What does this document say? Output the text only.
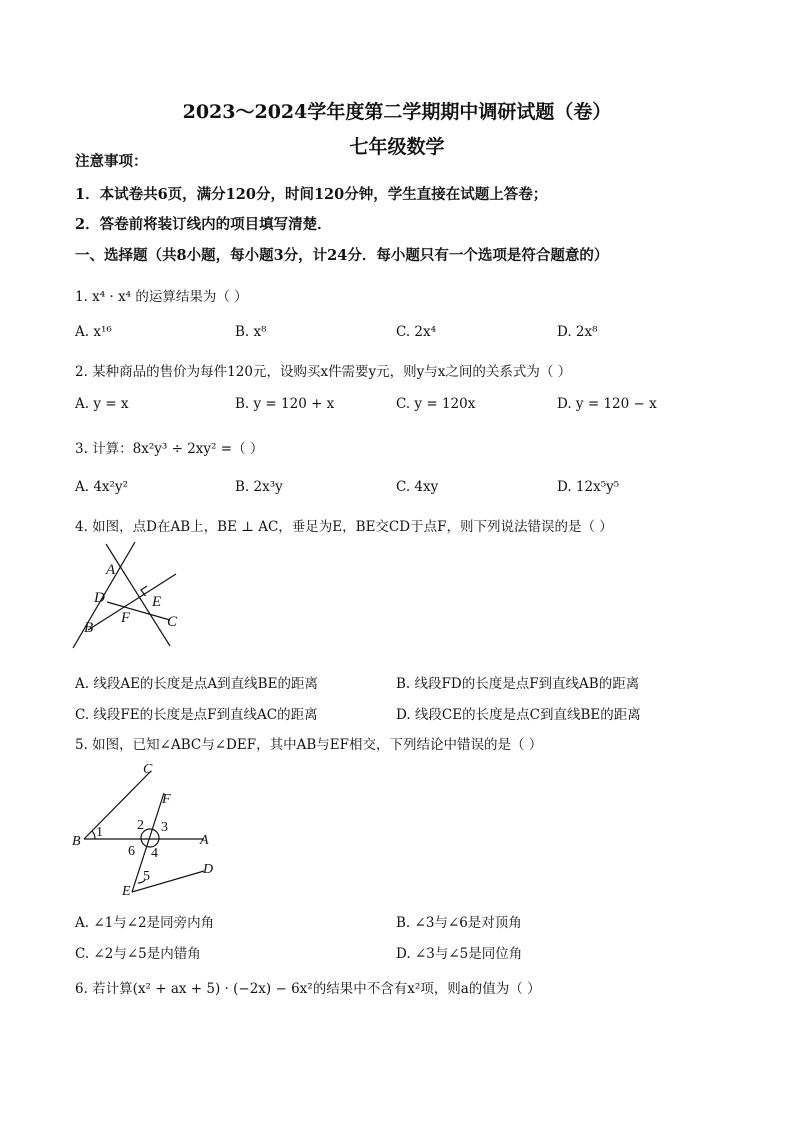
2023～2024学年度第二学期期中调研试题（卷）
七年级数学
注意事项：
1．本试卷共6页，满分120分，时间120分钟，学生直接在试题上答卷；
2．答卷前将装订线内的项目填写清楚．
一、选择题（共8小题，每小题3分，计24分．每小题只有一个选项是符合题意的）
1. x⁴ · x⁴ 的运算结果为（ ）
A. x¹⁶	B. x⁸	C. 2x⁴	D. 2x⁸
2. 某种商品的售价为每件120元，设购买x件需要y元，则y与x之间的关系式为（ ）
A. y = x	B. y = 120 + x	C. y = 120x	D. y = 120 − x
3. 计算：8x²y³ ÷ 2xy² =（ ）
A. 4x²y²	B. 2x³y	C. 4xy	D. 12x⁵y⁵
4. 如图，点D在AB上，BE ⊥ AC，垂足为E，BE交CD于点F，则下列说法错误的是（ ）
A
D	E
F
B	C
A. 线段AE的长度是点A到直线BE的距离	B. 线段FD的长度是点F到直线AB的距离
C. 线段FE的长度是点F到直线AC的距离	D. 线段CE的长度是点C到直线BE的距离
5. 如图，已知∠ABC与∠DEF，其中AB与EF相交，下列结论中错误的是（ ）
C
F
1 2 3
B	A
6 4
5	D
E
A. ∠1与∠2是同旁内角	B. ∠3与∠6是对顶角
C. ∠2与∠5是内错角	D. ∠3与∠5是同位角
6. 若计算(x² + ax + 5) · (−2x) − 6x²的结果中不含有x²项，则a的值为（ ）
